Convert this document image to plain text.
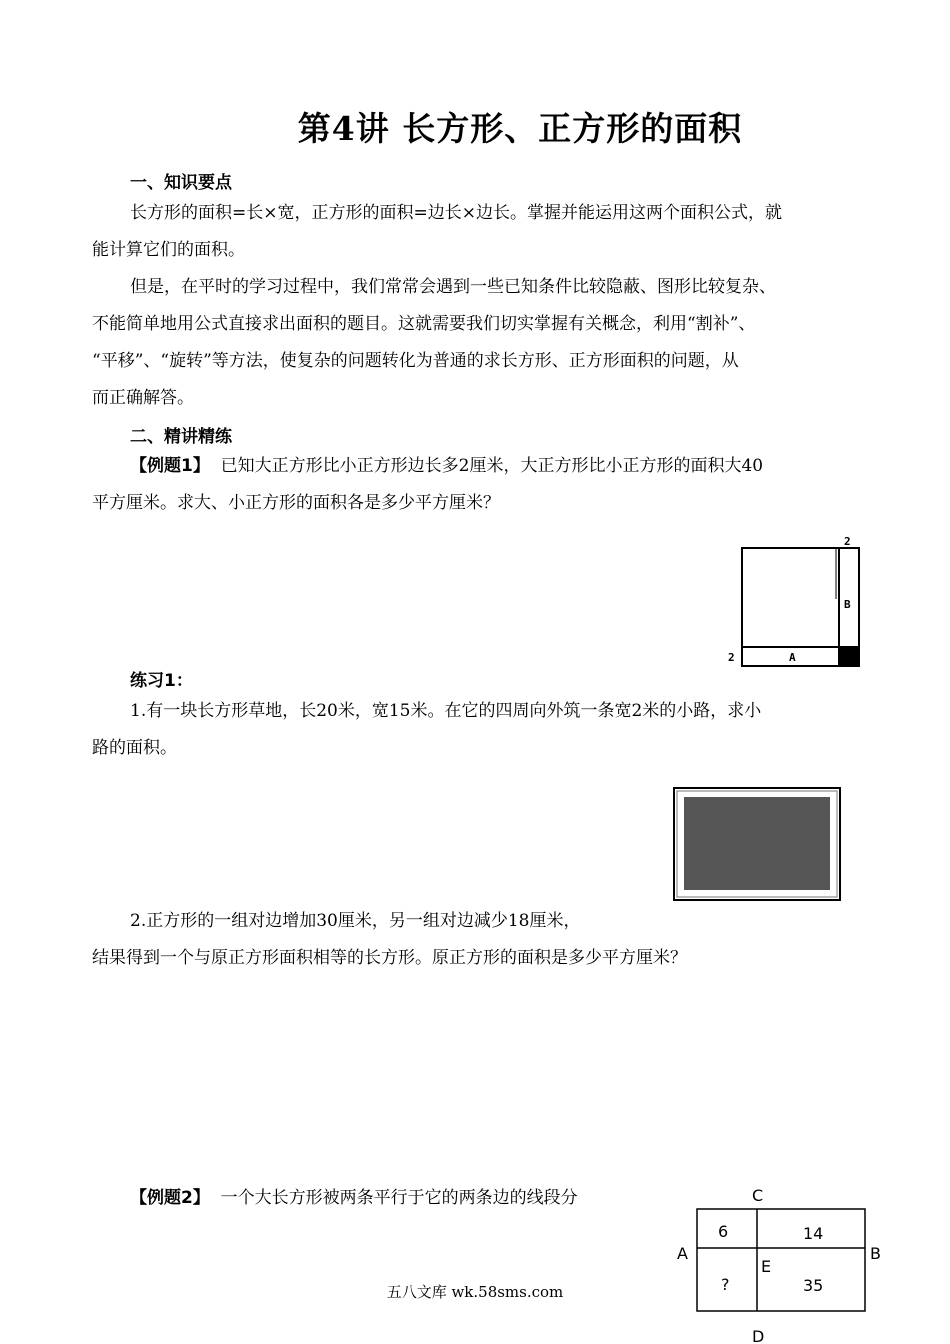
第4讲 长方形、正方形的面积
一、知识要点
长方形的面积=长×宽，正方形的面积=边长×边长。掌握并能运用这两个面积公式，就
能计算它们的面积。
但是，在平时的学习过程中，我们常常会遇到一些已知条件比较隐蔽、图形比较复杂、
不能简单地用公式直接求出面积的题目。这就需要我们切实掌握有关概念，利用“割补”、
“平移”、“旋转”等方法，使复杂的问题转化为普通的求长方形、正方形面积的问题，从
而正确解答。
二、精讲精练
【例题1】 已知大正方形比小正方形边长多2厘米，大正方形比小正方形的面积大40
平方厘米。求大、小正方形的面积各是多少平方厘米？
2
B
2	A
练习1：
1.有一块长方形草地，长20米，宽15米。在它的四周向外筑一条宽2米的小路，求小
路的面积。
2.正方形的一组对边增加30厘米，另一组对边减少18厘米，
结果得到一个与原正方形面积相等的长方形。原正方形的面积是多少平方厘米？
【例题2】 一个大长方形被两条平行于它的两条边的线段分	C
A	B
D
E
6	14
?	35
五八文库 wk.58sms.com
